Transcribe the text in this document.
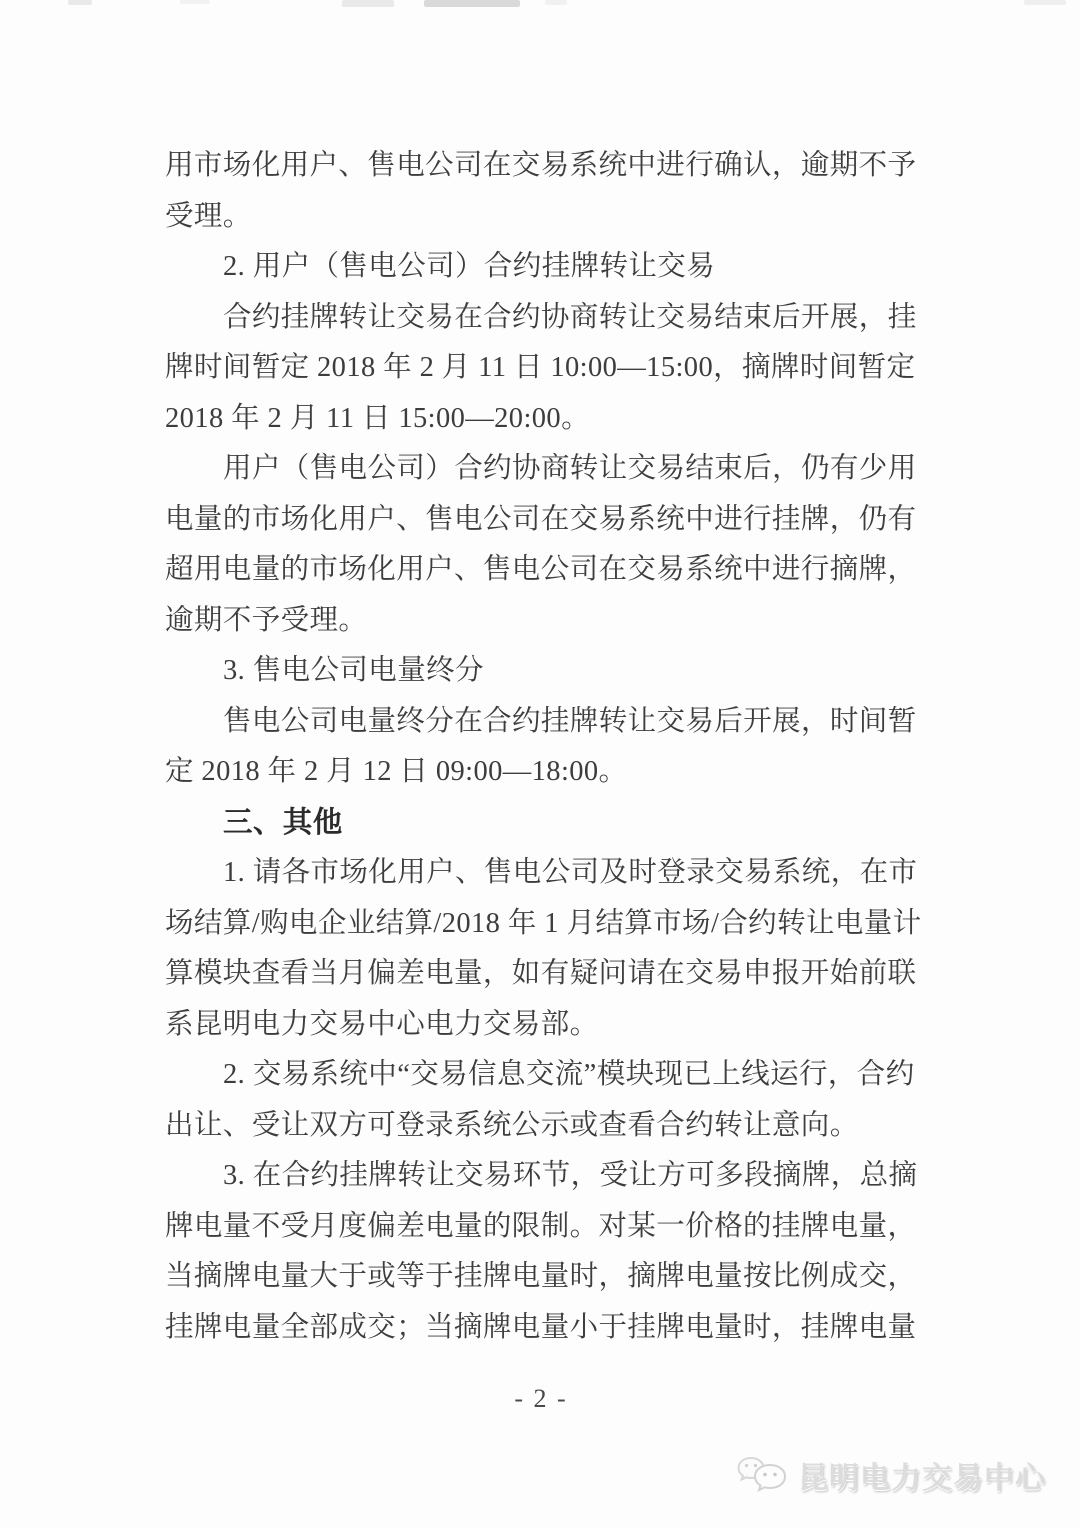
用市场化用户、售电公司在交易系统中进行确认，逾期不予
受理。
2. 用户（售电公司）合约挂牌转让交易
合约挂牌转让交易在合约协商转让交易结束后开展，挂
牌时间暂定 2018 年 2 月 11 日 10:00—15:00，摘牌时间暂定
2018 年 2 月 11 日 15:00—20:00。
用户（售电公司）合约协商转让交易结束后，仍有少用
电量的市场化用户、售电公司在交易系统中进行挂牌，仍有
超用电量的市场化用户、售电公司在交易系统中进行摘牌，
逾期不予受理。
3. 售电公司电量终分
售电公司电量终分在合约挂牌转让交易后开展，时间暂
定 2018 年 2 月 12 日 09:00—18:00。
三、其他
1. 请各市场化用户、售电公司及时登录交易系统，在市
场结算/购电企业结算/2018 年 1 月结算市场/合约转让电量计
算模块查看当月偏差电量，如有疑问请在交易申报开始前联
系昆明电力交易中心电力交易部。
2. 交易系统中“交易信息交流”模块现已上线运行，合约
出让、受让双方可登录系统公示或查看合约转让意向。
3. 在合约挂牌转让交易环节，受让方可多段摘牌，总摘
牌电量不受月度偏差电量的限制。对某一价格的挂牌电量，
当摘牌电量大于或等于挂牌电量时，摘牌电量按比例成交，
挂牌电量全部成交；当摘牌电量小于挂牌电量时，挂牌电量
- 2 -
昆明电力交易中心
